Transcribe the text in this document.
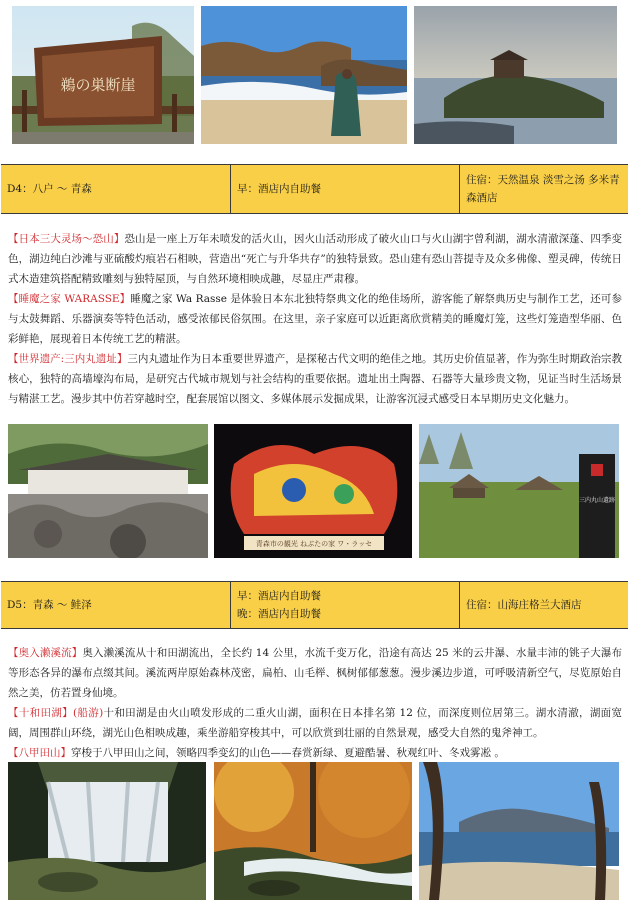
鵜の巣断崖
D4：八户 ～ 青森	早：酒店内自助餐
住宿：天然温泉 淡雪之汤 多米青森酒店

【日本三大灵场～恐山】恐山是一座上万年未喷发的活火山，因火山活动形成了破火山口与火山湖宇曾利湖，湖水清澈深蓬、四季变色，湖边纯白沙滩与亚硫酸灼痕岩石相映，营造出“死亡与升华共存”的独特景致。恐山建有恐山菩提寺及众多佛像、塑灵碑，传统日式木造建筑搭配精致雕刻与独特屋顶，与自然环境相映成趣，尽显庄严肃穆。

【睡魔之家 WARASSE】睡魔之家 Wa Rasse 是体验日本东北独特祭典文化的绝佳场所，游客能了解祭典历史与制作工艺，还可参与太鼓舞蹈、乐器演奏等特色活动，感受浓郁民俗氛围。在这里，亲子家庭可以近距离欣赏精美的睡魔灯笼，这些灯笼造型华丽、色彩鲜艳，展现着日本传统工艺的精湛。

【世界遗产:三内丸遗址】三内丸遗址作为日本重要世界遗产，是探秘古代文明的绝佳之地。其历史价值显著，作为弥生时期政治宗教核心，独特的高墙壕沟布局，是研究古代城市规划与社会结构的重要依据。遗址出土陶器、石器等大量珍贵文物，见证当时生活场景与精湛工艺。漫步其中仿若穿越时空，配套展馆以图文、多媒体展示发掘成果，让游客沉浸式感受日本早期历史文化魅力。

青森市の観光 ねぶたの家 ワ・ラッセ
三内丸山遺跡
D5：青森 ～ 鲑泽
早：酒店内自助餐
晚：酒店内自助餐
住宿：山海庄格兰大酒店

【奥入濑溪流】奥入濑溪流从十和田湖流出，全长约 14 公里，水流千变万化，沿途有高达 25 米的云井瀑、水量丰沛的铫子大瀑布等形态各异的瀑布点缀其间。溪流两岸原始森林茂密，扁柏、山毛榉、枫树郁郁葱葱。漫步溪边步道，可呼吸清新空气，尽览原始自然之美，仿若置身仙境。

【十和田湖】(船游)十和田湖是由火山喷发形成的二重火山湖，面积在日本排名第 12 位，而深度则位居第三。湖水清澈，湖面宽阔，周围群山环绕，湖光山色相映成趣，乘坐游船穿梭其中，可以欣赏到壮丽的自然景观，感受大自然的鬼斧神工。

【八甲田山】穿梭于八甲田山之间，领略四季变幻的山色——春赏新绿、夏避酷暑、秋观红叶、冬戏雾凇 。
